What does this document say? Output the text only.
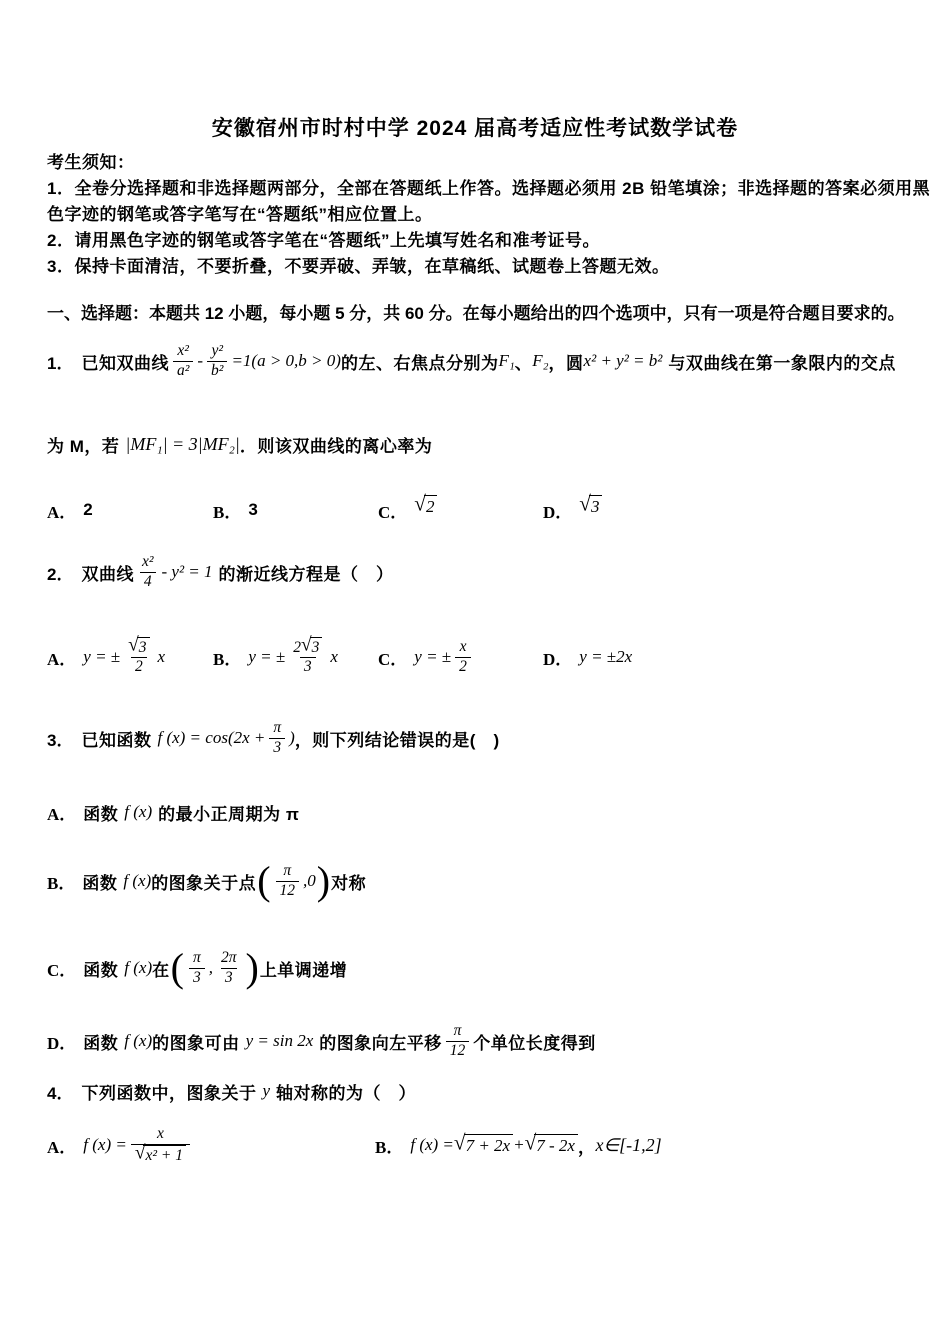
安徽宿州市时村中学 2024 届高考适应性考试数学试卷
考生须知：
1．全卷分选择题和非选择题两部分，全部在答题纸上作答。选择题必须用 2B 铅笔填涂；非选择题的答案必须用黑色字迹的钢笔或答字笔写在“答题纸”相应位置上。
2．请用黑色字迹的钢笔或答字笔在“答题纸”上先填写姓名和准考证号。
3．保持卡面清洁，不要折叠，不要弄破、弄皱，在草稿纸、试题卷上答题无效。
一、选择题：本题共 12 小题，每小题 5 分，共 60 分。在每小题给出的四个选项中，只有一项是符合题目要求的。
1． 已知双曲线 $\frac{\text{x²}}{\text{a²}} - \frac{\text{y²}}{\text{b²}} =1(a > 0,b > 0)$ 的左、右焦点分别为 F₁ 、 F₂ ，圆 x² + y² = b² 与双曲线在第一象限内的交点
为 M，若 |MF₁| = 3|MF₂| ．则该双曲线的离心率为
A． 2	B． 3	C． √ 2	D． √ 3
2． 双曲线 $\frac{\text{x²}}{4} - y^2 = 1$ 的渐近线方程是（　）
A． y = ± $\frac{√ 3}{2}$ x	B． y = ± $\frac{2 √ 3}{3}$ x C． y = ± $\frac{x}{2}$	D． y = ±2x
3． 已知函数 f $(x) = \cos(2x + \frac{\pi}{3}$ ) ，则下列结论错误的是(　)
A． 函数 f (x) 的最小正周期为 π
B． 函数 f (x) 的图象关于点 ( $\frac{\pi}{12} ,0$ ) 对称
C． 函数 f (x) 在 ( $\frac{\pi}{3}$ , $\frac{2\pi}{3}$ ) 上单调递增
D． 函数 f (x) 的图象可由 y = sin 2x 的图象向左平移 $\frac{\pi}{12}$ 个单位长度得到
4． 下列函数中，图象关于 y 轴对称的为（　）
A． f $(x) = \frac{x}{\text{√ x² + 1}}$	B． f (x) = √ 7 + 2x + √ 7 - 2x ， x∈[-1,2]
